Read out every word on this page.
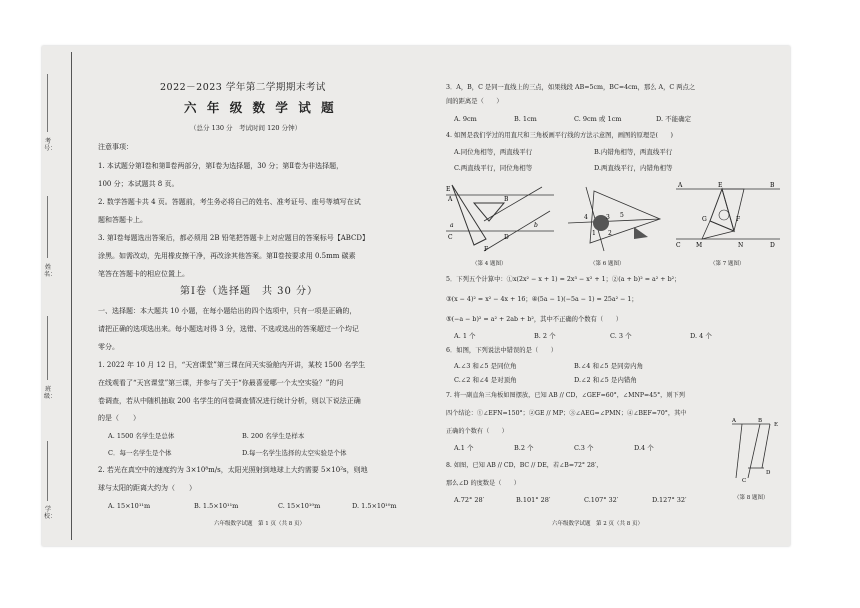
考号：
姓名：
班级：
学校：
2022－2023 学年第二学期期末考试
六 年 级 数 学 试 题
（总分 130 分　考试时间 120 分钟）
注意事项：
1. 本试题分第Ⅰ卷和第Ⅱ卷两部分，第Ⅰ卷为选择题，30 分；第Ⅱ卷为非选择题，
100 分；本试题共 8 页。
2. 数学答题卡共 4 页。答题前，考生务必将自己的姓名、准考证号、座号等填写在试
题和答题卡上。
3. 第Ⅰ卷每题选出答案后，都必须用 2B 铅笔把答题卡上对应题目的答案标号【ABCD】
涂黑。如需改动，先用橡皮擦干净，再改涂其他答案。第Ⅱ卷按要求用 0.5mm 碳素
笔答在答题卡的相应位置上。
第Ⅰ卷（选择题　共 30 分）
一、选择题：本大题共 10 小题，在每小题给出的四个选项中，只有一项是正确的，
请把正确的选项选出来。每小题选对得 3 分，选错、不选或选出的答案超过一个均记
零分。
1. 2022 年 10 月 12 日，“天宫课堂”第三课在问天实验舱内开讲，某校 1500 名学生
在线观看了“天宫课堂”第三课，并参与了关于“你最喜爱哪一个太空实验？”的问
卷调查，若从中随机抽取 200 名学生的问卷调查情况进行统计分析，则以下说法正确
的是（　　）
A. 1500 名学生是总体	B. 200 名学生是样本
C．每一名学生是个体	D.每一名学生选择的太空实验是个体
2. 若光在真空中的速度约为 3×10⁸m/s，太阳光照射到地球上大约需要 5×10²s，则地
球与太阳的距离大约为（　　）
A. 15×10¹¹m	B. 1.5×10¹¹m	C. 15×10¹⁰m	D. 1.5×10¹⁰m
六年级数学试题　第 1 页（共 8 页）
3．A，B，C 是同一直线上的三点，如果线段 AB=5cm，BC=4cm，那么 A，C 两点之
间的距离是（　　）
A. 9cm	B. 1cm	C. 9cm 或 1cm	D. 不能确定
4. 如图是我们学过的用直尺和三角板画平行线的方法示意图，画图的原理是(　　)
A.同位角相等，两直线平行	B.内错角相等，两直线平行
C.两直线平行，同位角相等	D.两直线平行，内错角相等
E
A	B
C	D
F
a	b
4	3 5
1 2
A	E	B
G	F
C	M	N	D
（第 4 题图）	（第 6 题图）	（第 7 题图）
5．下列五个计算中：①x(2x² − x + 1) = 2x³ − x² + 1；②(a + b)² = a² + b²；
③(x − 4)² = x² − 4x + 16；④(5a − 1)(−5a − 1) = 25a² − 1；
⑤(−a − b)² = a² + 2ab + b²，其中不正确的个数有（　　）
A. 1 个	B. 2 个	C. 3 个	D. 4 个
6．如图，下列说法中错误的是（　　）
A.∠3 和∠5 是同位角	B.∠4 和∠5 是同旁内角
C.∠2 和∠4 是对顶角	D.∠2 和∠5 是内错角
7. 将一副直角三角板如图摆放，已知 AB // CD，∠GEF=60°，∠MNP=45°，则下列
四个结论：①∠EFN=150°；②GE // MP；③∠AEG=∠PMN；④∠BEF=70°，其中
正确的个数有（　　）
A.1 个	B.2 个	C.3 个	D.4 个
8. 如图，已知 AB // CD，BC // DE，若∠B=72° 28′，
那么∠D 的度数是（　　）
A.72° 28′	B.101° 28′	C.107° 32′	D.127° 32′
A	B
C
D
E
（第 8 题图）
六年级数学试题　第 2 页（共 8 页）
